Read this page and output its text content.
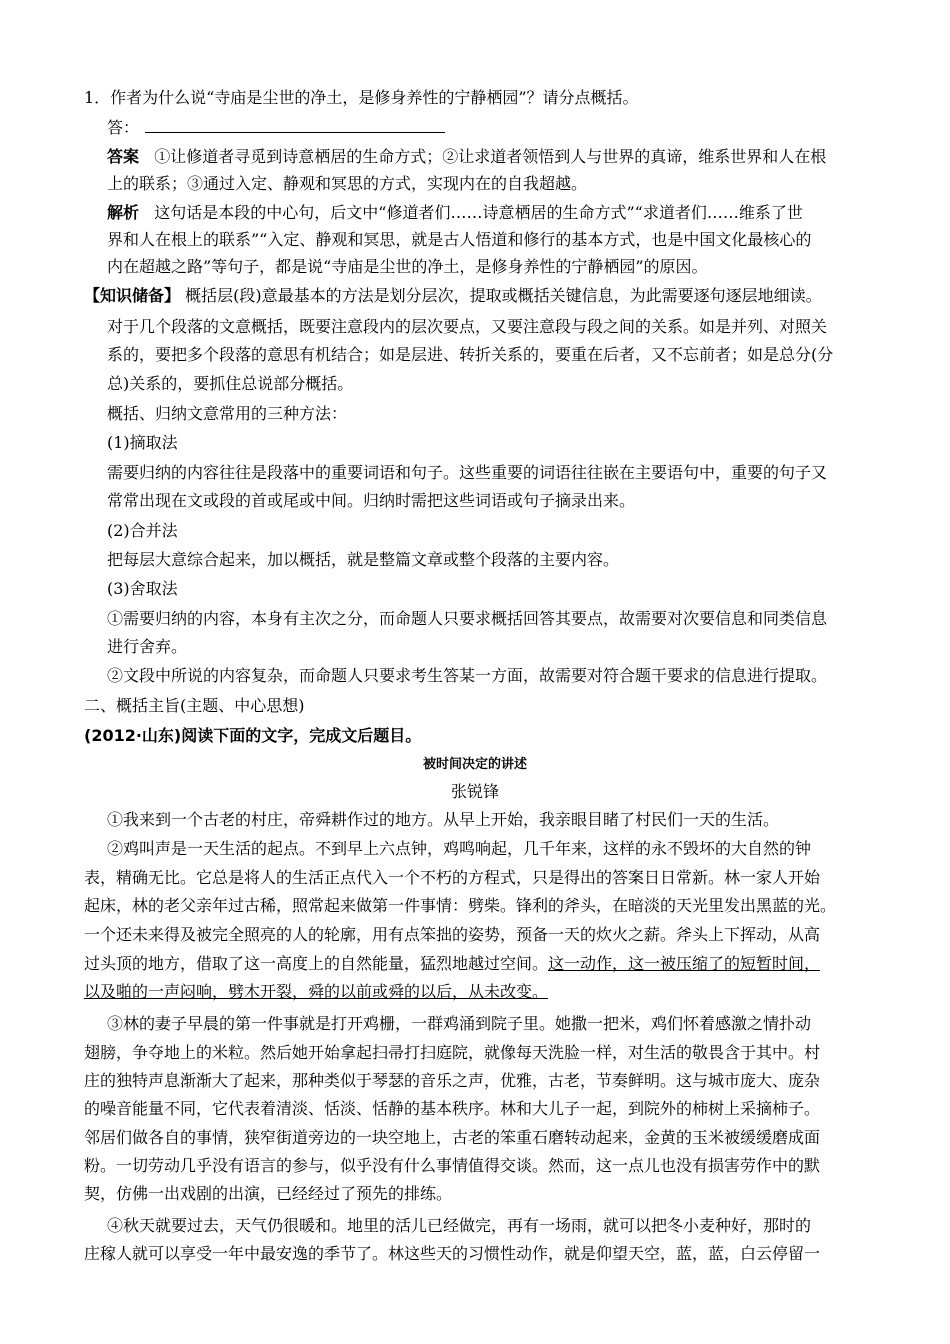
1．作者为什么说“寺庙是尘世的净土，是修身养性的宁静栖园”？请分点概括。
答：
答案 ①让修道者寻觅到诗意栖居的生命方式；②让求道者领悟到人与世界的真谛，维系世界和人在根
上的联系；③通过入定、静观和冥思的方式，实现内在的自我超越。
解析 这句话是本段的中心句，后文中“修道者们……诗意栖居的生命方式”“求道者们……维系了世
界和人在根上的联系”“入定、静观和冥思，就是古人悟道和修行的基本方式，也是中国文化最核心的
内在超越之路”等句子，都是说“寺庙是尘世的净土，是修身养性的宁静栖园”的原因。
【知识储备】 概括层(段)意最基本的方法是划分层次，提取或概括关键信息，为此需要逐句逐层地细读。
对于几个段落的文意概括，既要注意段内的层次要点，又要注意段与段之间的关系。如是并列、对照关
系的，要把多个段落的意思有机结合；如是层进、转折关系的，要重在后者，又不忘前者；如是总分(分
总)关系的，要抓住总说部分概括。
概括、归纳文意常用的三种方法：
(1)摘取法
需要归纳的内容往往是段落中的重要词语和句子。这些重要的词语往往嵌在主要语句中，重要的句子又
常常出现在文或段的首或尾或中间。归纳时需把这些词语或句子摘录出来。
(2)合并法
把每层大意综合起来，加以概括，就是整篇文章或整个段落的主要内容。
(3)舍取法
①需要归纳的内容，本身有主次之分，而命题人只要求概括回答其要点，故需要对次要信息和同类信息
进行舍弃。
②文段中所说的内容复杂，而命题人只要求考生答某一方面，故需要对符合题干要求的信息进行提取。
二、概括主旨(主题、中心思想)
(2012·山东)阅读下面的文字，完成文后题目。
被时间决定的讲述
张锐锋
①我来到一个古老的村庄，帝舜耕作过的地方。从早上开始，我亲眼目睹了村民们一天的生活。
②鸡叫声是一天生活的起点。不到早上六点钟，鸡鸣响起，几千年来，这样的永不毁坏的大自然的钟
表，精确无比。它总是将人的生活正点代入一个不朽的方程式，只是得出的答案日日常新。林一家人开始
起床，林的老父亲年过古稀，照常起来做第一件事情：劈柴。锋利的斧头，在暗淡的天光里发出黑蓝的光。
一个还未来得及被完全照亮的人的轮廓，用有点笨拙的姿势，预备一天的炊火之薪。斧头上下挥动，从高
过头顶的地方，借取了这一高度上的自然能量，猛烈地越过空间。这一动作，这一被压缩了的短暂时间，
以及啪的一声闷响，劈木开裂，舜的以前或舜的以后，从未改变。
③林的妻子早晨的第一件事就是打开鸡栅，一群鸡涌到院子里。她撒一把米，鸡们怀着感激之情扑动
翅膀，争夺地上的米粒。然后她开始拿起扫帚打扫庭院，就像每天洗脸一样，对生活的敬畏含于其中。村
庄的独特声息渐渐大了起来，那种类似于琴瑟的音乐之声，优雅，古老，节奏鲜明。这与城市庞大、庞杂
的噪音能量不同，它代表着清淡、恬淡、恬静的基本秩序。林和大儿子一起，到院外的柿树上采摘柿子。
邻居们做各自的事情，狭窄街道旁边的一块空地上，古老的笨重石磨转动起来，金黄的玉米被缓缓磨成面
粉。一切劳动几乎没有语言的参与，似乎没有什么事情值得交谈。然而，这一点儿也没有损害劳作中的默
契，仿佛一出戏剧的出演，已经经过了预先的排练。
④秋天就要过去，天气仍很暖和。地里的活儿已经做完，再有一场雨，就可以把冬小麦种好，那时的
庄稼人就可以享受一年中最安逸的季节了。林这些天的习惯性动作，就是仰望天空，蓝，蓝，白云停留一
